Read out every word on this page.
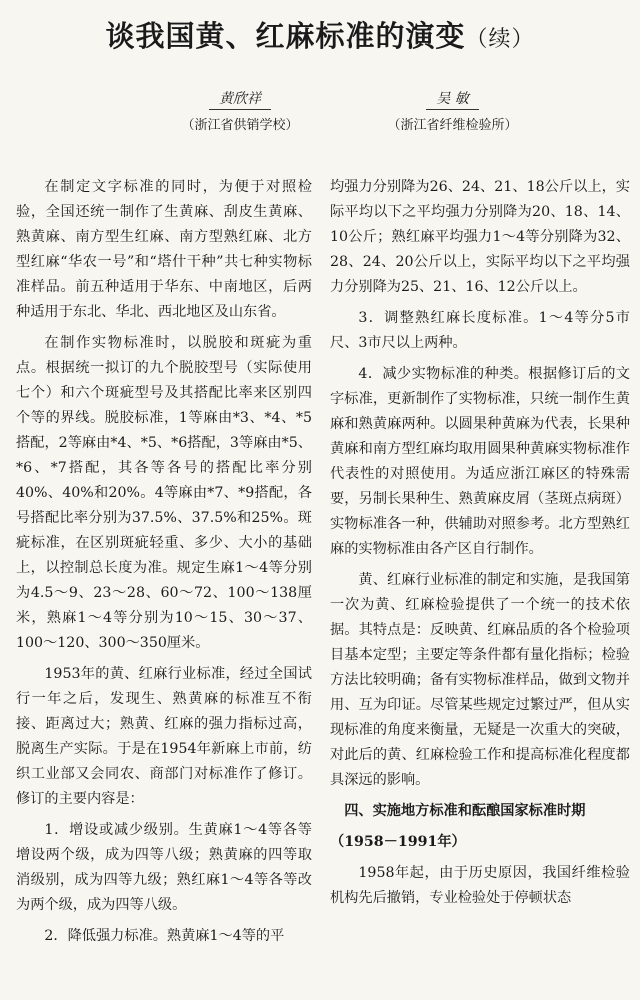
谈我国黄、红麻标准的演变（续）
黄欣祥
（浙江省供销学校）
吴 敏
（浙江省纤维检验所）

在制定文字标准的同时，为便于对照检验，全国还统一制作了生黄麻、刮皮生黄麻、熟黄麻、南方型生红麻、南方型熟红麻、北方型红麻“华农一号”和“塔什干种”共七种实物标准样品。前五种适用于华东、中南地区，后两种适用于东北、华北、西北地区及山东省。

在制作实物标准时，以脱胶和斑疵为重点。根据统一拟订的九个脱胶型号（实际使用七个）和六个斑疵型号及其搭配比率来区别四个等的界线。脱胶标准，1等麻由*3、*4、*5搭配，2等麻由*4、*5、*6搭配，3等麻由*5、*6、*7搭配，其各等各号的搭配比率分别40%、40%和20%。4等麻由*7、*9搭配，各号搭配比率分别为37.5%、37.5%和25%。斑疵标准，在区别斑疵轻重、多少、大小的基础上，以控制总长度为准。规定生麻1～4等分别为4.5～9、23～28、60～72、100～138厘米，熟麻1～4等分别为10～15、30～37、100～120、300～350厘米。

1953年的黄、红麻行业标准，经过全国试行一年之后，发现生、熟黄麻的标准互不衔接、距离过大；熟黄、红麻的强力指标过高，脱离生产实际。于是在1954年新麻上市前，纺织工业部又会同农、商部门对标准作了修订。修订的主要内容是：

1．增设或减少级别。生黄麻1～4等各等增设两个级，成为四等八级；熟黄麻的四等取消级别，成为四等九级；熟红麻1～4等各等改为两个级，成为四等八级。

2．降低强力标准。熟黄麻1～4等的平

均强力分别降为26、24、21、18公斤以上，实际平均以下之平均强力分别降为20、18、14、10公斤；熟红麻平均强力1～4等分别降为32、28、24、20公斤以上，实际平均以下之平均强力分别降为25、21、16、12公斤以上。

3．调整熟红麻长度标准。1～4等分5市尺、3市尺以上两种。

4．减少实物标准的种类。根据修订后的文字标准，更新制作了实物标准，只统一制作生黄麻和熟黄麻两种。以圆果种黄麻为代表，长果种黄麻和南方型红麻均取用圆果种黄麻实物标准作代表性的对照使用。为适应浙江麻区的特殊需要，另制长果种生、熟黄麻皮屑（茎斑点病斑）实物标准各一种，供辅助对照参考。北方型熟红麻的实物标准由各产区自行制作。

黄、红麻行业标准的制定和实施，是我国第一次为黄、红麻检验提供了一个统一的技术依据。其特点是：反映黄、红麻品质的各个检验项目基本定型；主要定等条件都有量化指标；检验方法比较明确；备有实物标准样品，做到文物并用、互为印证。尽管某些规定过繁过严，但从实现标准的角度来衡量，无疑是一次重大的突破，对此后的黄、红麻检验工作和提高标准化程度都具深远的影响。

四、实施地方标准和酝酿国家标准时期

（1958－1991年）

1958年起，由于历史原因，我国纤维检验机构先后撤销，专业检验处于停顿状态
